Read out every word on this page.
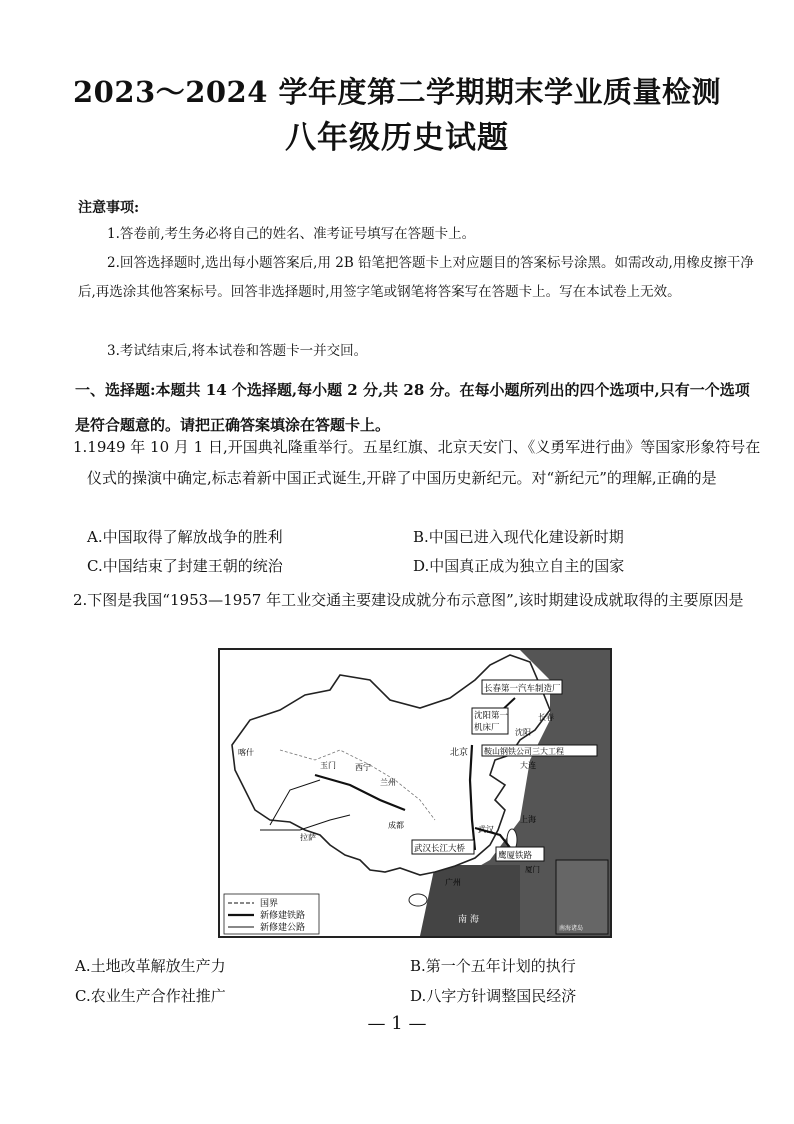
2023～2024 学年度第二学期期末学业质量检测
八年级历史试题
注意事项:
1.答卷前,考生务必将自己的姓名、准考证号填写在答题卡上。
2.回答选择题时,选出每小题答案后,用 2B 铅笔把答题卡上对应题目的答案标号涂黑。如需改动,用橡皮擦干净后,再选涂其他答案标号。回答非选择题时,用签字笔或钢笔将答案写在答题卡上。写在本试卷上无效。
3.考试结束后,将本试卷和答题卡一并交回。
一、选择题:本题共 14 个选择题,每小题 2 分,共 28 分。在每小题所列出的四个选项中,只有一个选项是符合题意的。请把正确答案填涂在答题卡上。
1.1949 年 10 月 1 日,开国典礼隆重举行。五星红旗、北京天安门、《义勇军进行曲》等国家形象符号在仪式的操演中确定,标志着新中国正式诞生,开辟了中国历史新纪元。对“新纪元”的理解,正确的是
A.中国取得了解放战争的胜利	B.中国已进入现代化建设新时期
C.中国结束了封建王朝的统治	D.中国真正成为独立自主的国家
2.下图是我国“1953—1957 年工业交通主要建设成就分布示意图”,该时期建设成就取得的主要原因是
国界
新修建铁路
新修建公路
长春第一汽车制造厂
沈阳第一
机床厂
鞍山钢铁公司三大工程
武汉长江大桥
鹰厦铁路
北京
长春
沈阳
武汉
上海
广州
西宁
兰州
成都
拉萨
厦门
大连
玉门
喀什
南 海
南海诸岛
A.土地改革解放生产力	B.第一个五年计划的执行
C.农业生产合作社推广	D.八字方针调整国民经济
— 1 —
